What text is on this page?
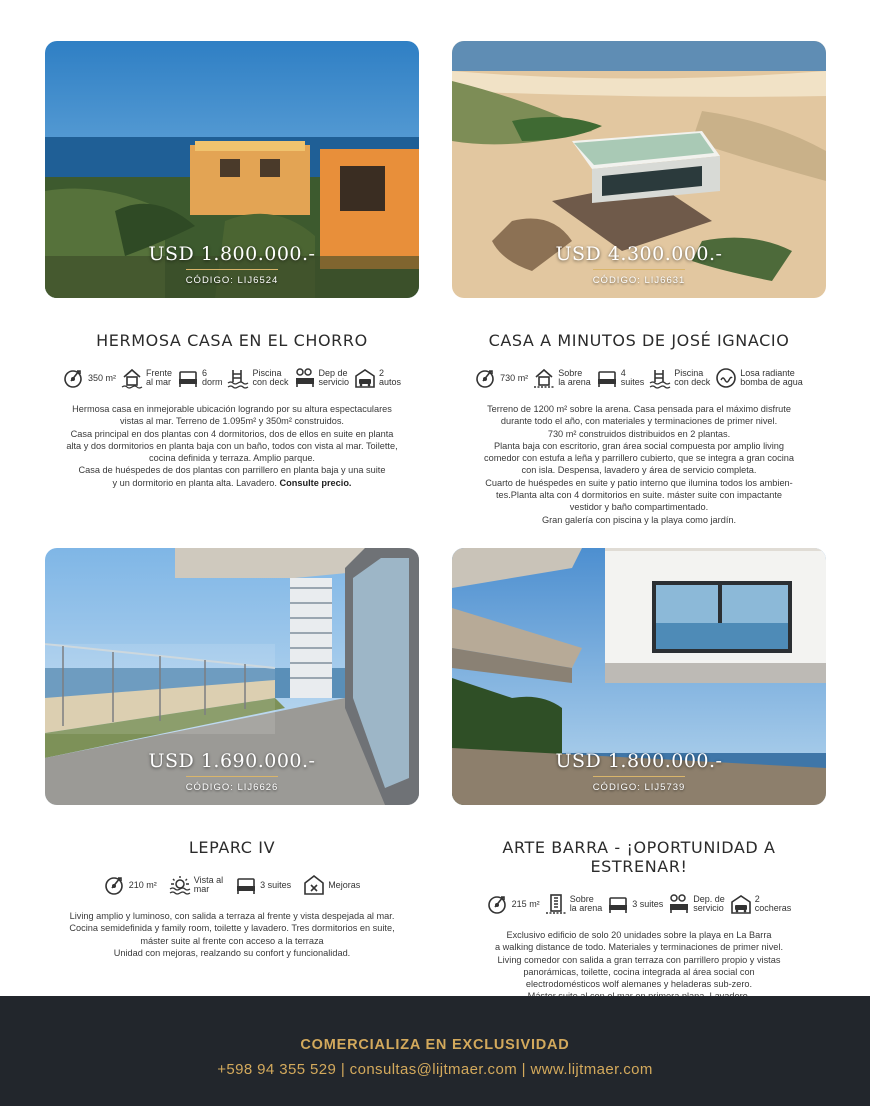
USD 1.800.000.-
CÓDIGO: LIJ6524
HERMOSA CASA EN EL CHORRO
350 m²	Frente
al mar
6
dorm
Piscina
con deck
Dep de
servicio
2
autos
Hermosa casa en inmejorable ubicación logrando por su altura espectaculares
vistas al mar. Terreno de 1.095m² y 350m² construidos.
Casa principal en dos plantas con 4 dormitorios, dos de ellos en suite en planta
alta y dos dormitorios en planta baja con un baño, todos con vista al mar. Toilette,
cocina definida y terraza. Amplio parque.
Casa de huéspedes de dos plantas con parrillero en planta baja y una suite
y un dormitorio en planta alta. Lavadero. Consulte precio.
USD 4.300.000.-
CÓDIGO: LIJ6631
CASA A MINUTOS DE JOSÉ IGNACIO
730 m²	Sobre
la arena
4
suites
Piscina
con deck
Losa radiante
bomba de agua
Terreno de 1200 m² sobre la arena. Casa pensada para el máximo disfrute
durante todo el año, con materiales y terminaciones de primer nivel.
730 m² construidos distribuidos en 2 plantas.
Planta baja con escritorio, gran área social compuesta por amplio living
comedor con estufa a leña y parrillero cubierto, que se integra a gran cocina
con isla. Despensa, lavadero y área de servicio completa.
Cuarto de huéspedes en suite y patio interno que ilumina todos los ambien-
tes.Planta alta con 4 dormitorios en suite. máster suite con impactante
vestidor y baño compartimentado.
Gran galería con piscina y la playa como jardín.
USD 1.690.000.-
CÓDIGO: LIJ6626
LEPARC IV
210 m²	Vista al
mar	3 suites	Mejoras
Living amplio y luminoso, con salida a terraza al frente y vista despejada al mar.
Cocina semidefinida y family room, toilette y lavadero. Tres dormitorios en suite,
máster suite al frente con acceso a la terraza
Unidad con mejoras, realzando su confort y funcionalidad.
USD 1.800.000.-
CÓDIGO: LIJ5739
ARTE BARRA - ¡OPORTUNIDAD A ESTRENAR!
215 m²	Sobre
la arena	3 suites	Dep. de
servicio
2
cocheras
Exclusivo edificio de solo 20 unidades sobre la playa en La Barra
a walking distance de todo. Materiales y terminaciones de primer nivel.
Living comedor con salida a gran terraza con parrillero propio y vistas
panorámicas, toilette, cocina integrada al área social con
electrodomésticos wolf alemanes y heladeras sub-zero.
COMERCIALIZA EN EXCLUSIVIDAD
+598 94 355 529 | consultas@lijtmaer.com | www.lijtmaer.com
